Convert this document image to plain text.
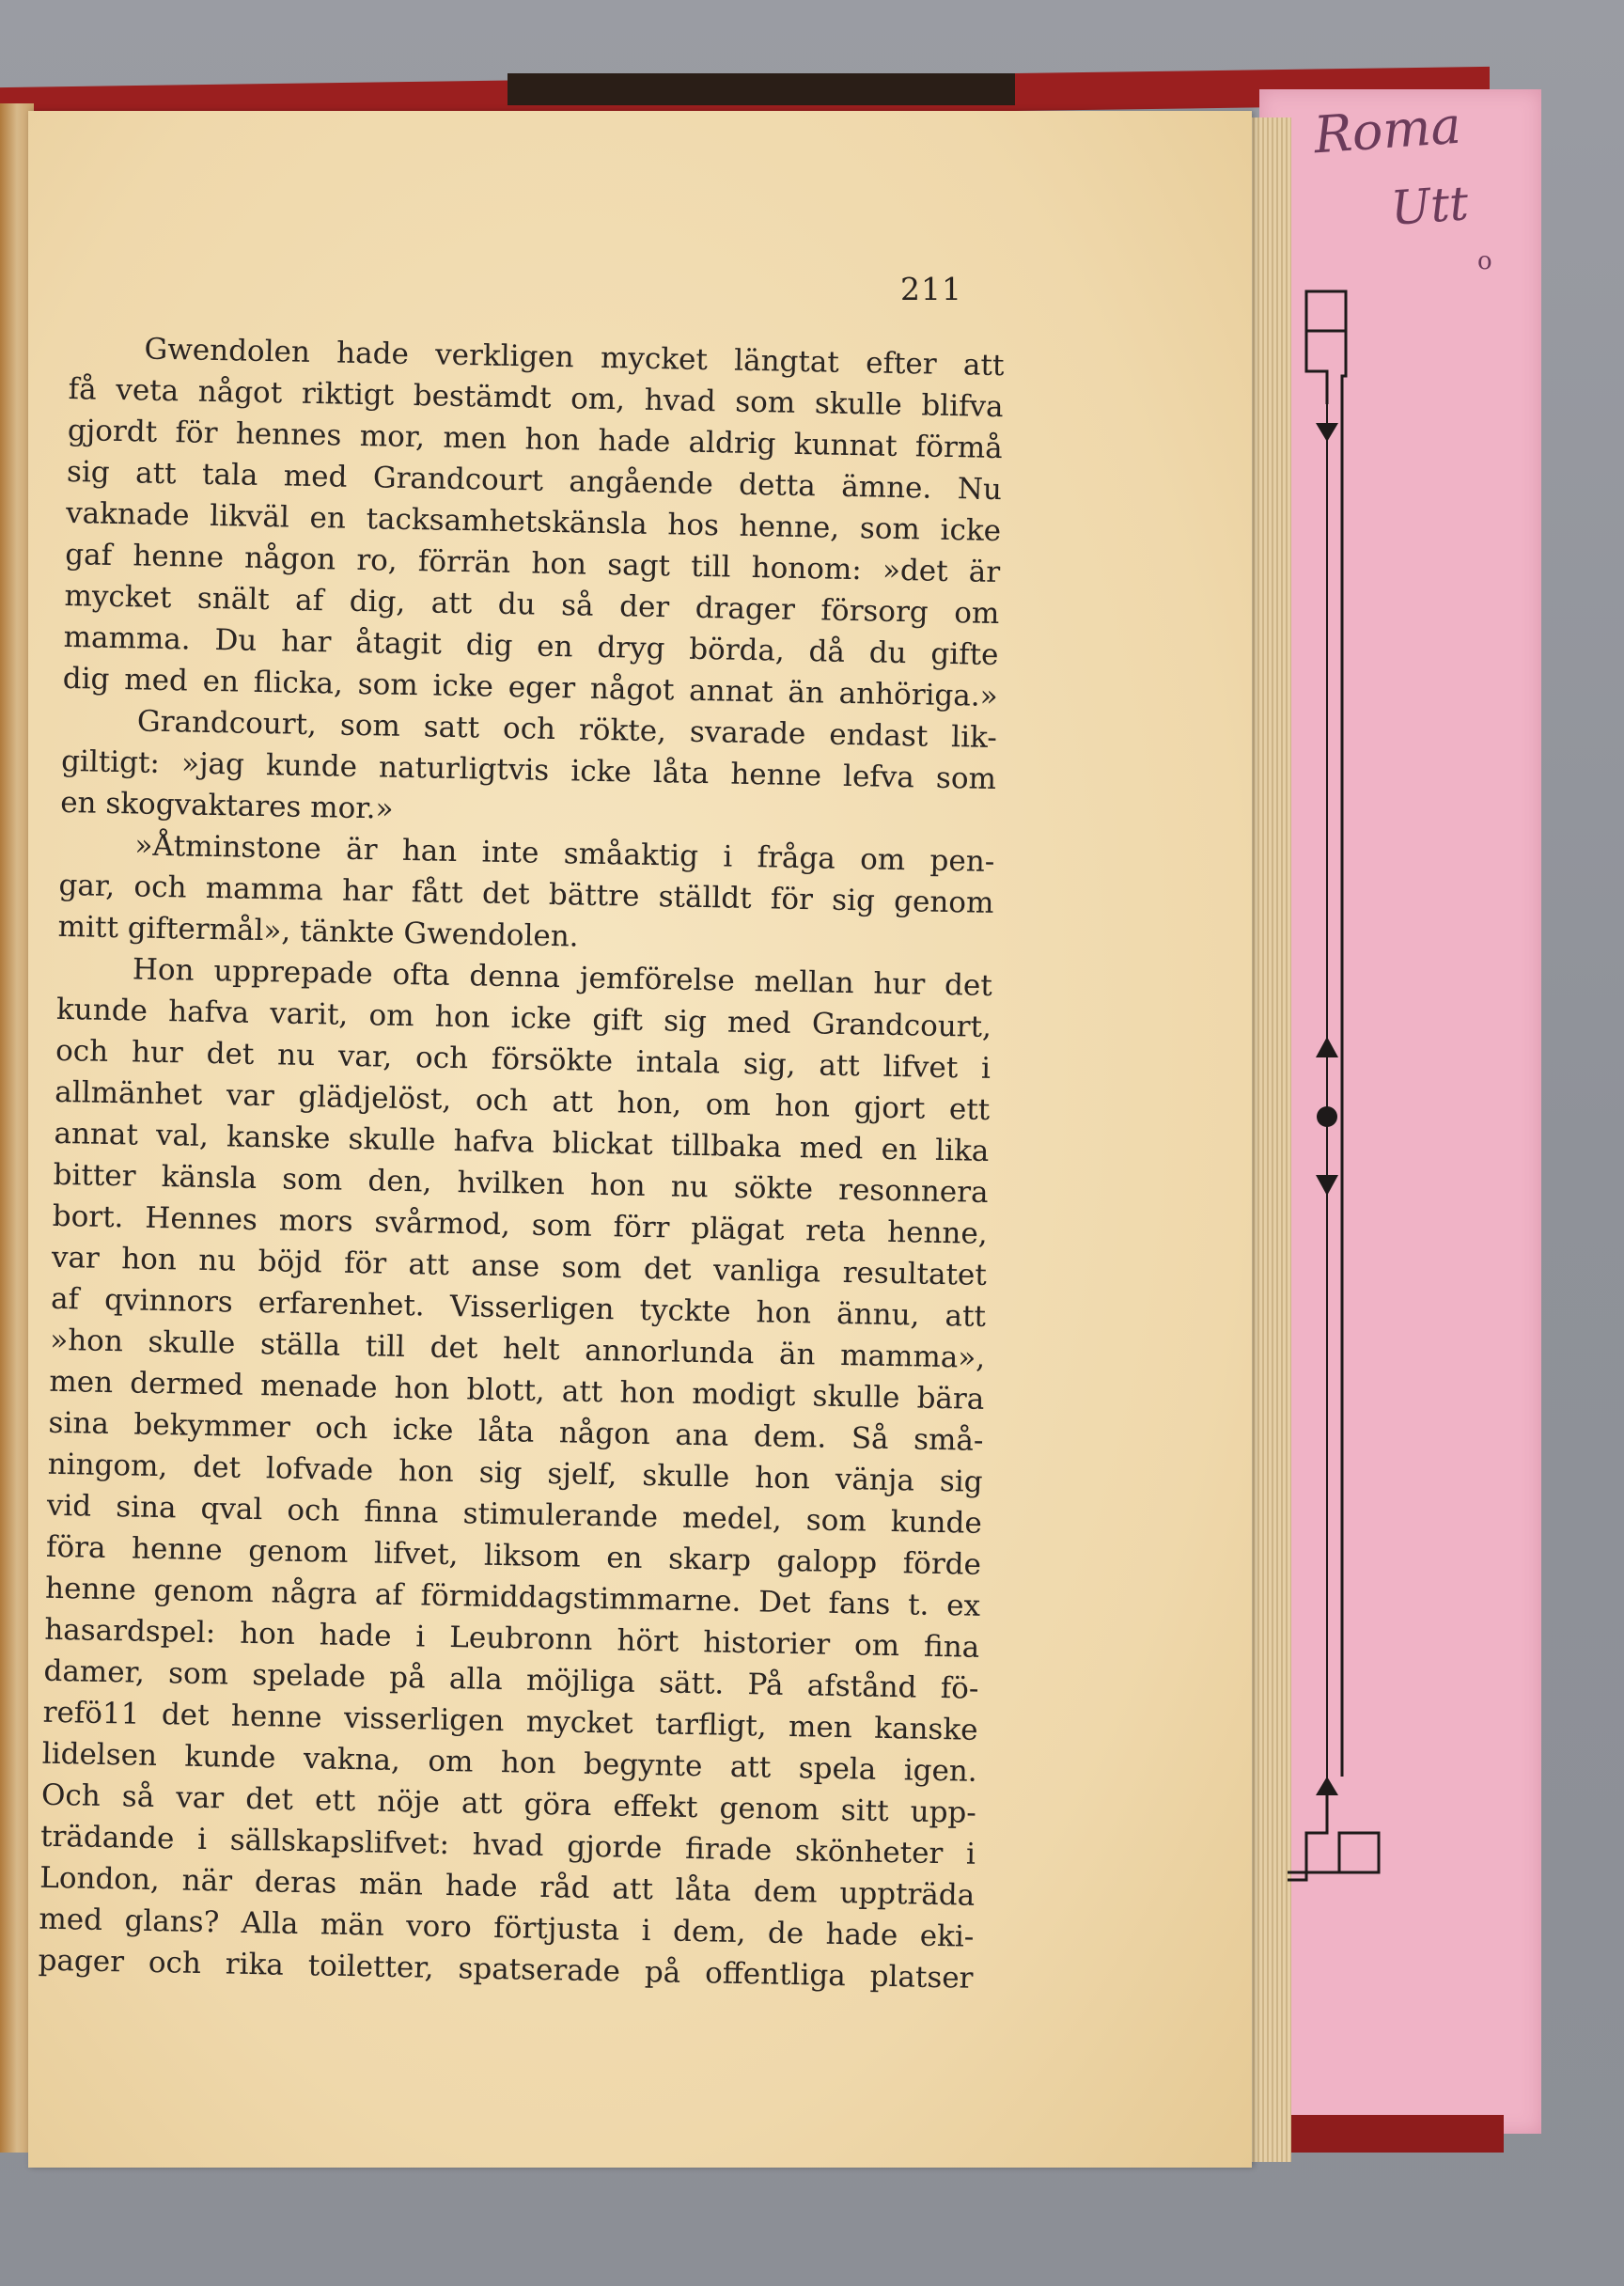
Roma
Utt
o
211
Gwendolen hade verkligen mycket längtat efter att
få veta något riktigt bestämdt om, hvad som skulle blifva
gjordt för hennes mor, men hon hade aldrig kunnat förmå
sig att tala med Grandcourt angående detta ämne. Nu
vaknade likväl en tacksamhetskänsla hos henne, som icke
gaf henne någon ro, förrän hon sagt till honom: »det är
mycket snält af dig, att du så der drager försorg om
mamma. Du har åtagit dig en dryg börda, då du gifte
dig med en flicka, som icke eger något annat än anhöriga.»
Grandcourt, som satt och rökte, svarade endast lik-
giltigt: »jag kunde naturligtvis icke låta henne lefva som
en skogvaktares mor.»
»Åtminstone är han inte småaktig i fråga om pen-
gar, och mamma har fått det bättre ställdt för sig genom
mitt giftermål», tänkte Gwendolen.
Hon upprepade ofta denna jemförelse mellan hur det
kunde hafva varit, om hon icke gift sig med Grandcourt,
och hur det nu var, och försökte intala sig, att lifvet i
allmänhet var glädjelöst, och att hon, om hon gjort ett
annat val, kanske skulle hafva blickat tillbaka med en lika
bitter känsla som den, hvilken hon nu sökte resonnera
bort. Hennes mors svårmod, som förr plägat reta henne,
var hon nu böjd för att anse som det vanliga resultatet
af qvinnors erfarenhet. Visserligen tyckte hon ännu, att
»hon skulle ställa till det helt annorlunda än mamma»,
men dermed menade hon blott, att hon modigt skulle bära
sina bekymmer och icke låta någon ana dem. Så små-
ningom, det lofvade hon sig sjelf, skulle hon vänja sig
vid sina qval och finna stimulerande medel, som kunde
föra henne genom lifvet, liksom en skarp galopp förde
henne genom några af förmiddagstimmarne. Det fans t. ex
hasardspel: hon hade i Leubronn hört historier om fina
damer, som spelade på alla möjliga sätt. På afstånd fö-
refö11 det henne visserligen mycket tarfligt, men kanske
lidelsen kunde vakna, om hon begynte att spela igen.
Och så var det ett nöje att göra effekt genom sitt upp-
trädande i sällskapslifvet: hvad gjorde firade skönheter i
London, när deras män hade råd att låta dem uppträda
med glans? Alla män voro förtjusta i dem, de hade eki-
pager och rika toiletter, spatserade på offentliga platser
